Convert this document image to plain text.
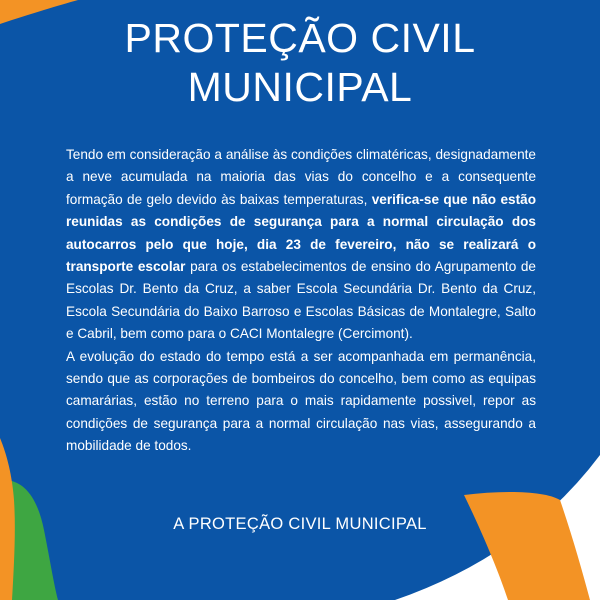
PROTEÇÃO CIVIL
MUNICIPAL

Tendo em consideração a análise às condições climatéricas, designadamente a neve acumulada na maioria das vias do concelho e a consequente formação de gelo devido às baixas temperaturas, verifica-se que não estão reunidas as condições de segurança para a normal circulação dos autocarros pelo que hoje, dia 23 de fevereiro, não se realizará o transporte escolar para os estabelecimentos de ensino do Agrupamento de Escolas Dr. Bento da Cruz, a saber Escola Secundária Dr. Bento da Cruz, Escola Secundária do Baixo Barroso e Escolas Básicas de Montalegre, Salto e Cabril, bem como para o CACI Montalegre (Cercimont).

A evolução do estado do tempo está a ser acompanhada em permanência, sendo que as corporações de bombeiros do concelho, bem como as equipas camarárias, estão no terreno para o mais rapidamente possivel, repor as condições de segurança para a normal circulação nas vias, assegurando a mobilidade de todos.

A PROTEÇÃO CIVIL MUNICIPAL
